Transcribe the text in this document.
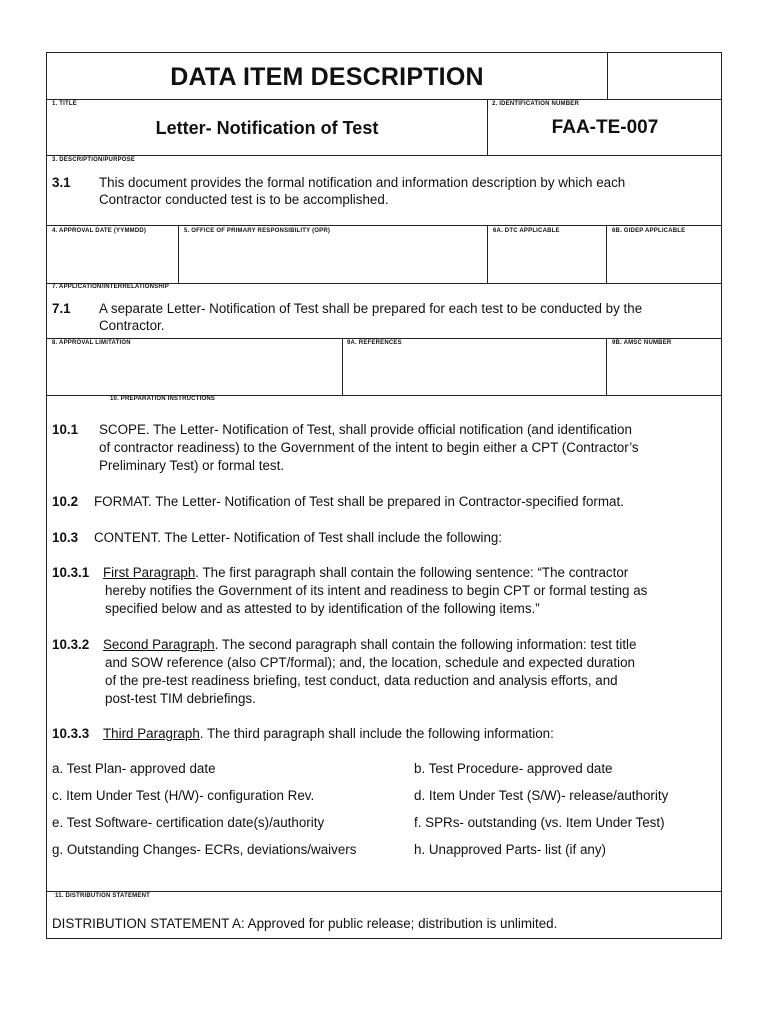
DATA ITEM DESCRIPTION
1. TITLE
Letter- Notification of Test
2. IDENTIFICATION NUMBER
FAA-TE-007
3. DESCRIPTION/PURPOSE
3.1 This document provides the formal notification and information description by which each
Contractor conducted test is to be accomplished.
4. APPROVAL DATE (YYMMDD)	5. OFFICE OF PRIMARY RESPONSIBILITY (OPR)	6A. DTC APPLICABLE	6B. GIDEP APPLICABLE
7. APPLICATION/INTERRELATIONSHIP
7.1 A separate Letter- Notification of Test shall be prepared for each test to be conducted by the
Contractor.
8. APPROVAL LIMITATION	9A. REFERENCES	9B. AMSC NUMBER
10. PREPARATION INSTRUCTIONS
10.1 SCOPE. The Letter- Notification of Test, shall provide official notification (and identification
of contractor readiness) to the Government of the intent to begin either a CPT (Contractor’s
Preliminary Test) or formal test.
10.2 FORMAT. The Letter- Notification of Test shall be prepared in Contractor-specified format.
10.3 CONTENT. The Letter- Notification of Test shall include the following:
10.3.1 First Paragraph. The first paragraph shall contain the following sentence: “The contractor
hereby notifies the Government of its intent and readiness to begin CPT or formal testing as
specified below and as attested to by identification of the following items.”
10.3.2 Second Paragraph. The second paragraph shall contain the following information: test title
and SOW reference (also CPT/formal); and, the location, schedule and expected duration
of the pre-test readiness briefing, test conduct, data reduction and analysis efforts, and
post-test TIM debriefings.
10.3.3 Third Paragraph. The third paragraph shall include the following information:
a. Test Plan- approved date	b. Test Procedure- approved date
c. Item Under Test (H/W)- configuration Rev.	d. Item Under Test (S/W)- release/authority
e. Test Software- certification date(s)/authority	f. SPRs- outstanding (vs. Item Under Test)
g. Outstanding Changes- ECRs, deviations/waivers	h. Unapproved Parts- list (if any)
11. DISTRIBUTION STATEMENT
DISTRIBUTION STATEMENT A: Approved for public release; distribution is unlimited.
